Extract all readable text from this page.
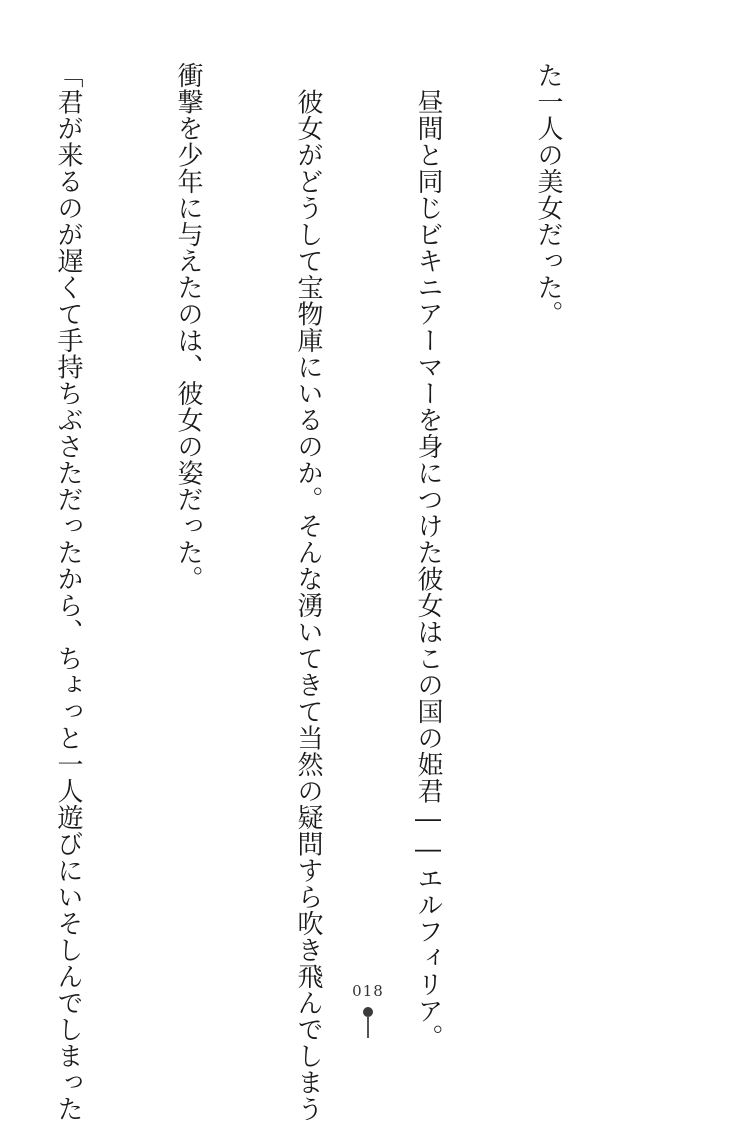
た一人の美女だった。

　昼間と同じビキニアーマーを身につけた彼女はこの国の姫君――エルフィリア。

　彼女がどうして宝物庫にいるのか。そんな湧いてきて当然の疑問すら吹き飛んでしまう

衝撃を少年に与えたのは、彼女の姿だった。

「君が来るのが遅くて手持ちぶさただったから、ちょっと一人遊びにいそしんでしまった

	018
